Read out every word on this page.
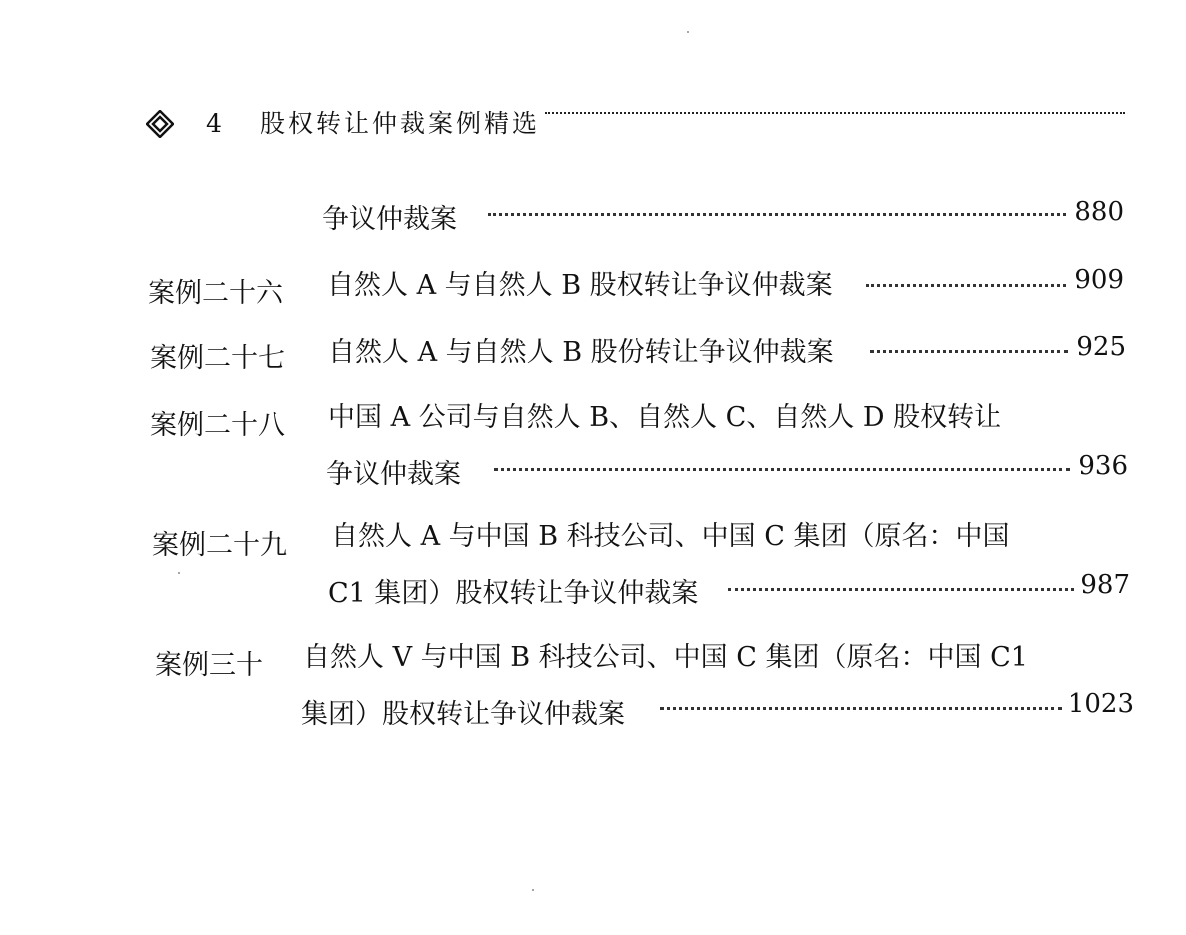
4 股权转让仲裁案例精选
争议仲裁案	880
案例二十六 自然人 A 与自然人 B 股权转让争议仲裁案	909
案例二十七 自然人 A 与自然人 B 股份转让争议仲裁案	925
案例二十八 中国 A 公司与自然人 B、自然人 C、自然人 D 股权转让
争议仲裁案	936
案例二十九 自然人 A 与中国 B 科技公司、中国 C 集团（原名：中国
C1 集团）股权转让争议仲裁案	987
案例三十 自然人 V 与中国 B 科技公司、中国 C 集团（原名：中国 C1
集团）股权转让争议仲裁案	1023
